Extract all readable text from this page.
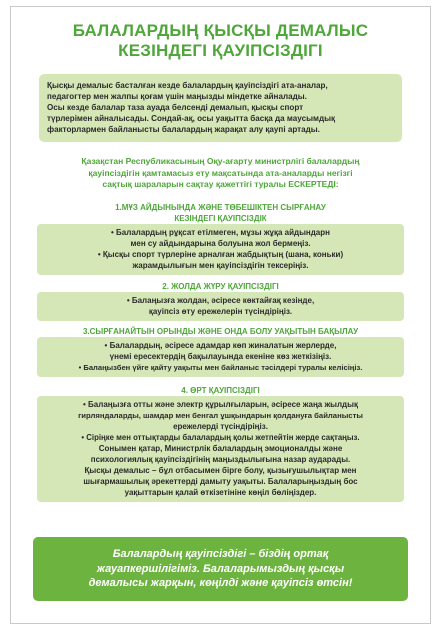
БАЛАЛАРДЫҢ ҚЫСҚЫ ДЕМАЛЫС
КЕЗІНДЕГІ ҚАУІПСІЗДІГІ
Қысқы демалыс басталған кезде балалардың қауіпсіздігі ата-аналар,
педагогтер мен жалпы қоғам үшін маңызды міндетке айналады.
Осы кезде балалар таза ауада белсенді демалып, қысқы спорт
түрлерімен айналысады. Сондай-ақ, осы уақытта басқа да маусымдық
факторлармен байланысты балалардың жарақат алу қаупі артады.
Қазақстан Республикасының Оқу-ағарту министрлігі балалардың
қауіпсіздігін қамтамасыз ету мақсатында ата-аналарды негізгі
сақтық шараларын сақтау қажеттігі туралы ЕСКЕРТЕДІ:
1.МҰЗ АЙДЫНЫНДА ЖӘНЕ ТӨБЕШІКТЕН СЫРҒАНАУ
КЕЗІНДЕГІ ҚАУІПСІЗДІК
• Балалардың рұқсат етілмеген, мұзы жұқа айдындарн
мен су айдындарына болуына жол бермеңіз.
• Қысқы спорт түрлеріне арналған жабдықтың (шана, коньки)
жарамдылығын мен қауіпсіздігін тексеріңіз.
2. ЖОЛДА ЖҮРУ ҚАУІПСІЗДІГІ
• Балаңызға жолдан, әсіресе көктайғақ кезінде,
қауіпсіз өту ережелерін түсіндіріңіз.
3.СЫРҒАНАЙТЫН ОРЫНДЫ ЖӘНЕ ОНДА БОЛУ УАҚЫТЫН БАҚЫЛАУ
• Балалардың, әсіресе адамдар көп жиналатын жерлерде,
үнемі ересектердің бақылауында екеніне көз жеткізіңіз.
• Балаңызбен үйге қайту уақыты мен байланыс тәсілдері туралы келісіңіз.
4. ӨРТ ҚАУІПСІЗДІГІ
• Балаңызға отты және электр құрылғыларын, әсіресе жаңа жылдық
гирляндаларды, шамдар мен бенгал ұшқындарын қолдануға байланысты
ережелерді түсіндіріңіз.
• Сіріңке мен оттықтарды балалардың қолы жетпейтін жерде сақтаңыз.
Сонымен қатар, Министрлік балалардың эмоционалды және
психологиялық қауіпсіздігінің маңыздылығына назар аударады.
Қысқы демалыс – бұл отбасымен бірге болу, қызығушылықтар мен
шығармашылық әрекеттерді дамыту уақыты. Балаларыңыздың бос
уақыттарын қалай өткізетініне көңіл бөліңіздер.
Балалардың қауіпсіздігі – біздің ортақ
жауапкершілігіміз. Балаларымыздың қысқы
демалысы жарқын, көңілді және қауіпсіз өтсін!
